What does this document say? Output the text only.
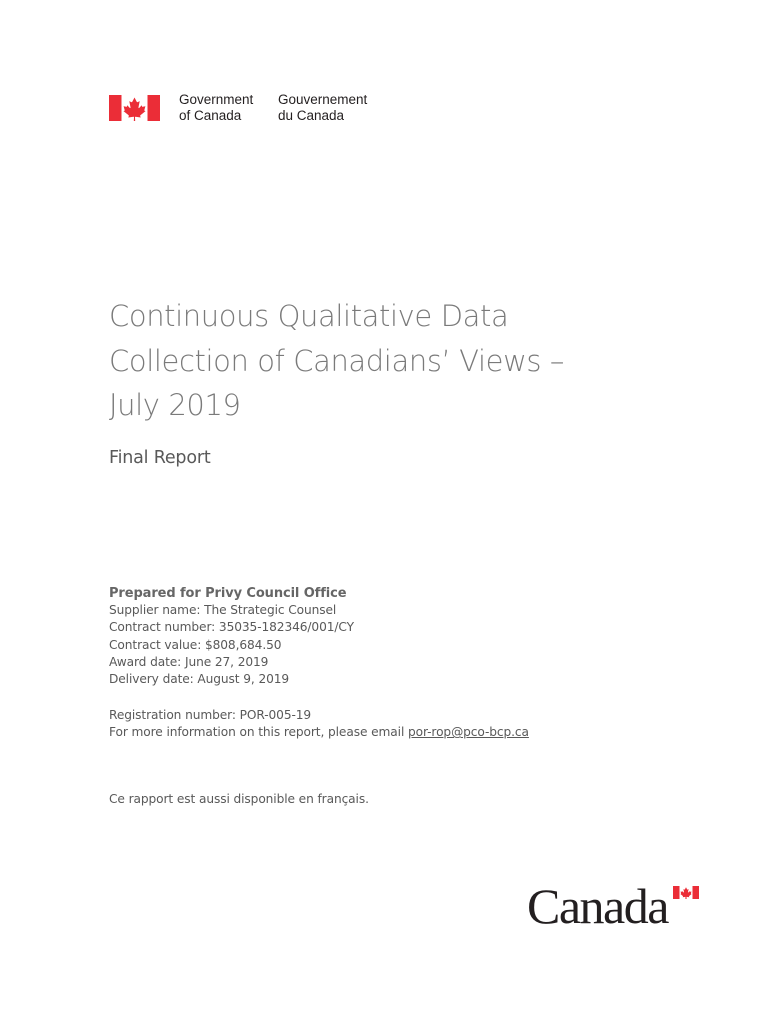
Government
of Canada
Gouvernement
du Canada
Continuous Qualitative Data
Collection of Canadians’ Views –
July 2019
Final Report
Prepared for Privy Council Office
Supplier name: The Strategic Counsel
Contract number: 35035-182346/001/CY
Contract value: $808,684.50
Award date: June 27, 2019
Delivery date: August 9, 2019
Registration number: POR-005-19
For more information on this report, please email por-rop@pco-bcp.ca
Ce rapport est aussi disponible en français.
Canada
